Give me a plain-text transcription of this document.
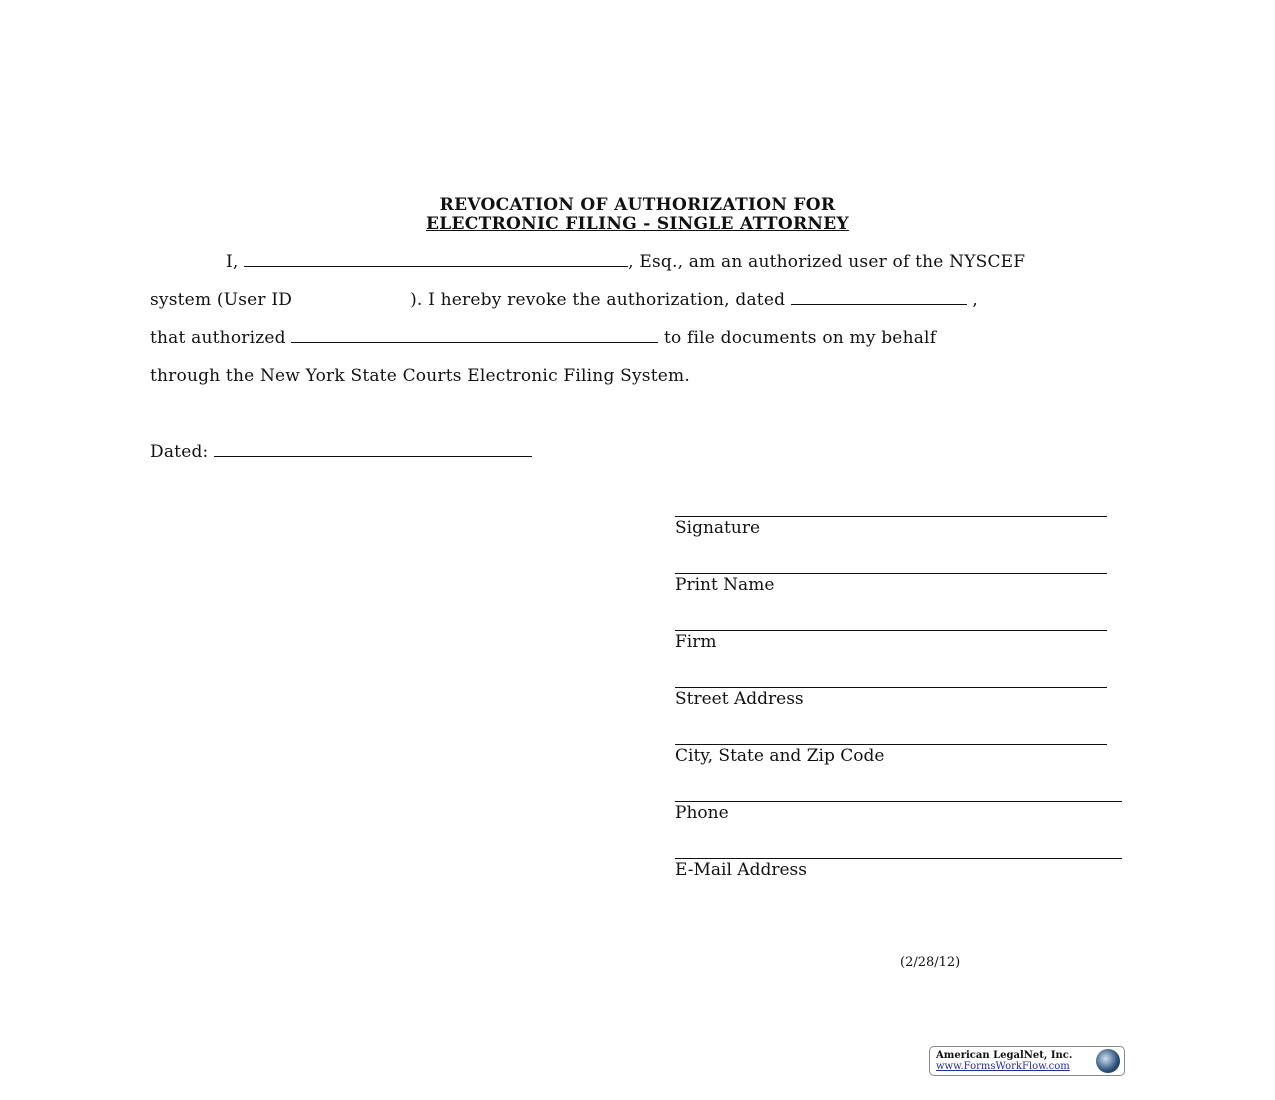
REVOCATION OF AUTHORIZATION FOR
ELECTRONIC FILING - SINGLE ATTORNEY
I,	, Esq., am an authorized user of the NYSCEF
system (User ID	). I hereby revoke the authorization, dated	,
that authorized	to file documents on my behalf
through the New York State Courts Electronic Filing System.
Dated:
Signature
Print Name
Firm
Street Address
City, State and Zip Code
Phone
E-Mail Address
(2/28/12)
American LegalNet, Inc.
www.FormsWorkFlow.com
